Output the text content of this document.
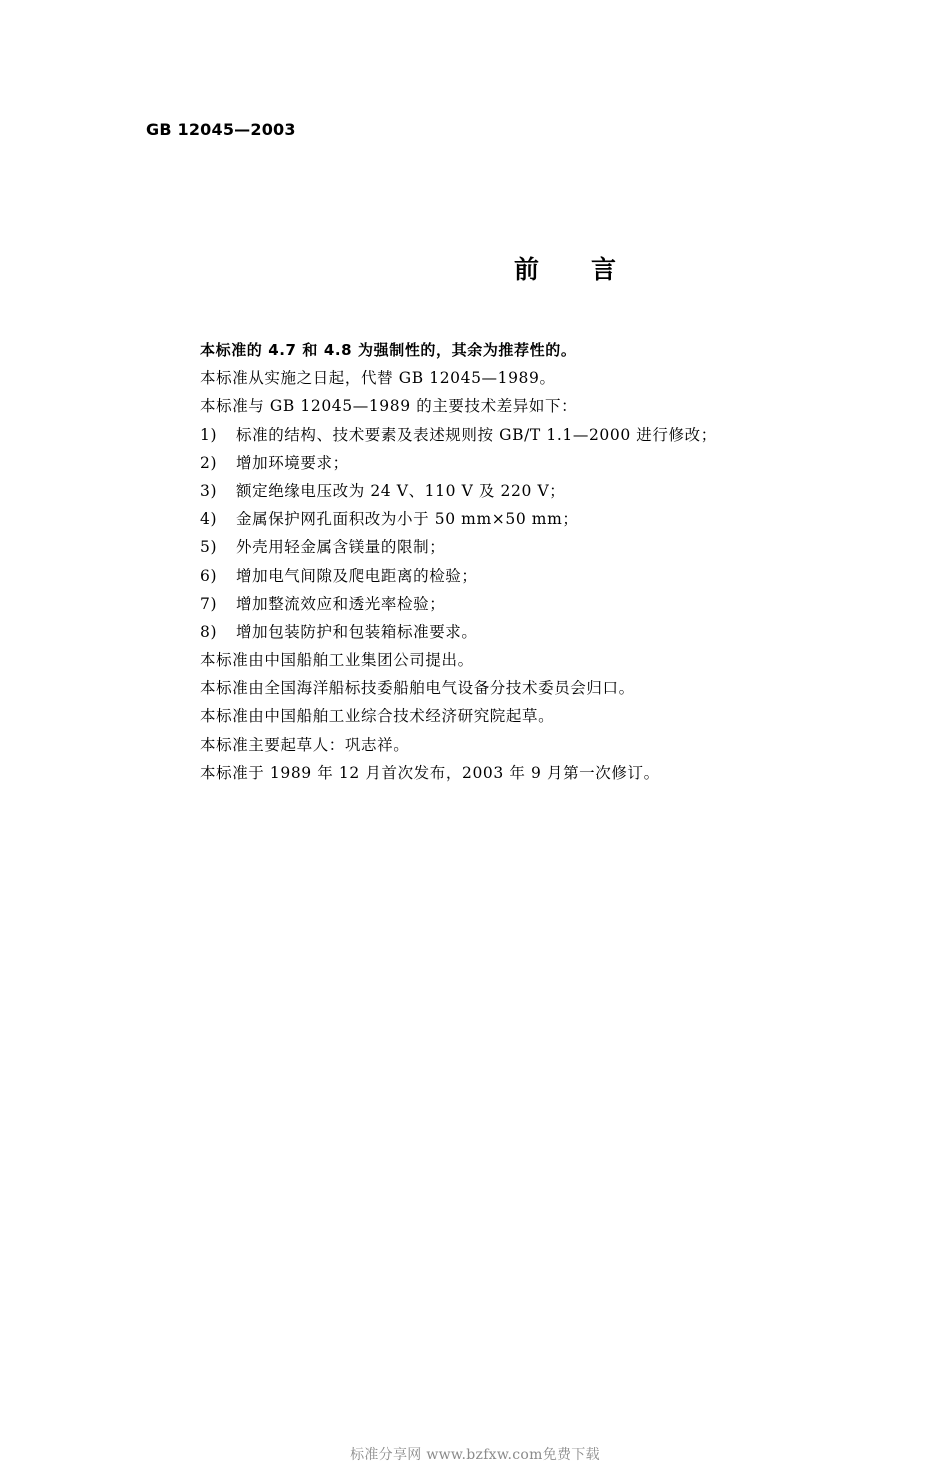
GB 12045—2003
前言
本标准的 4.7 和 4.8 为强制性的，其余为推荐性的。
本标准从实施之日起，代替 GB 12045—1989。
本标准与 GB 12045—1989 的主要技术差异如下：
1)	标准的结构、技术要素及表述规则按 GB/T 1.1—2000 进行修改；
2)	增加环境要求；
3)	额定绝缘电压改为 24 V、110 V 及 220 V；
4)	金属保护网孔面积改为小于 50 mm×50 mm；
5)	外壳用轻金属含镁量的限制；
6)	增加电气间隙及爬电距离的检验；
7)	增加整流效应和透光率检验；
8)	增加包装防护和包装箱标准要求。
本标准由中国船舶工业集团公司提出。
本标准由全国海洋船标技委船舶电气设备分技术委员会归口。
本标准由中国船舶工业综合技术经济研究院起草。
本标准主要起草人：巩志祥。
本标准于 1989 年 12 月首次发布，2003 年 9 月第一次修订。
标准分享网 www.bzfxw.com免费下载
